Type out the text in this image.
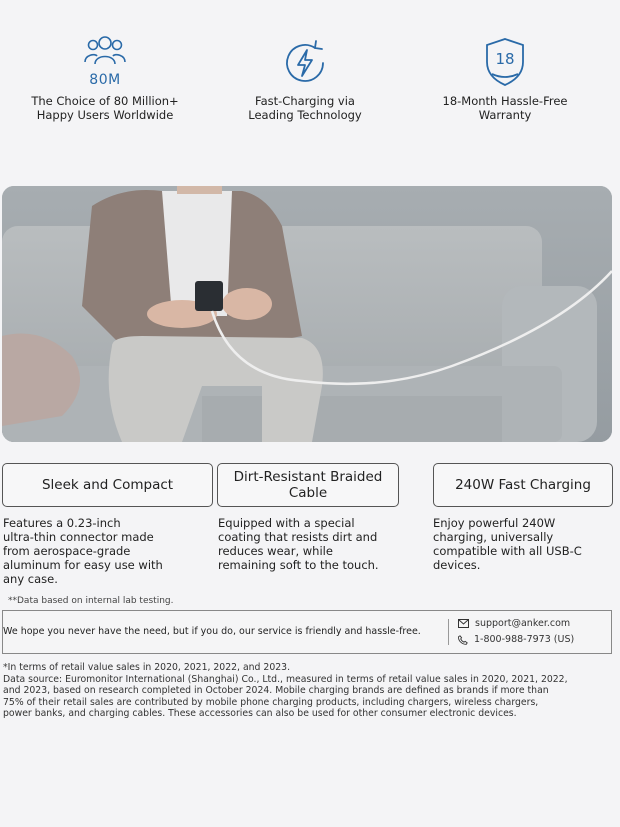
80M
The Choice of 80 Million+
Happy Users Worldwide
Fast-Charging via
Leading Technology
18
18-Month Hassle-Free
Warranty
Sleek and Compact	Dirt-Resistant Braided
Cable	240W Fast Charging
Features a 0.23-inch
ultra-thin connector made
from aerospace-grade
aluminum for easy use with
any case.
Equipped with a special
coating that resists dirt and
reduces wear, while
remaining soft to the touch.
Enjoy powerful 240W
charging, universally
compatible with all USB-C
devices.
**Data based on internal lab testing.
We hope you never have the need, but if you do, our service is friendly and hassle-free.
support@anker.com
1-800-988-7973 (US)
*In terms of retail value sales in 2020, 2021, 2022, and 2023.
Data source: Euromonitor International (Shanghai) Co., Ltd., measured in terms of retail value sales in 2020, 2021, 2022,
and 2023, based on research completed in October 2024. Mobile charging brands are defined as brands if more than
75% of their retail sales are contributed by mobile phone charging products, including chargers, wireless chargers,
power banks, and charging cables. These accessories can also be used for other consumer electronic devices.
